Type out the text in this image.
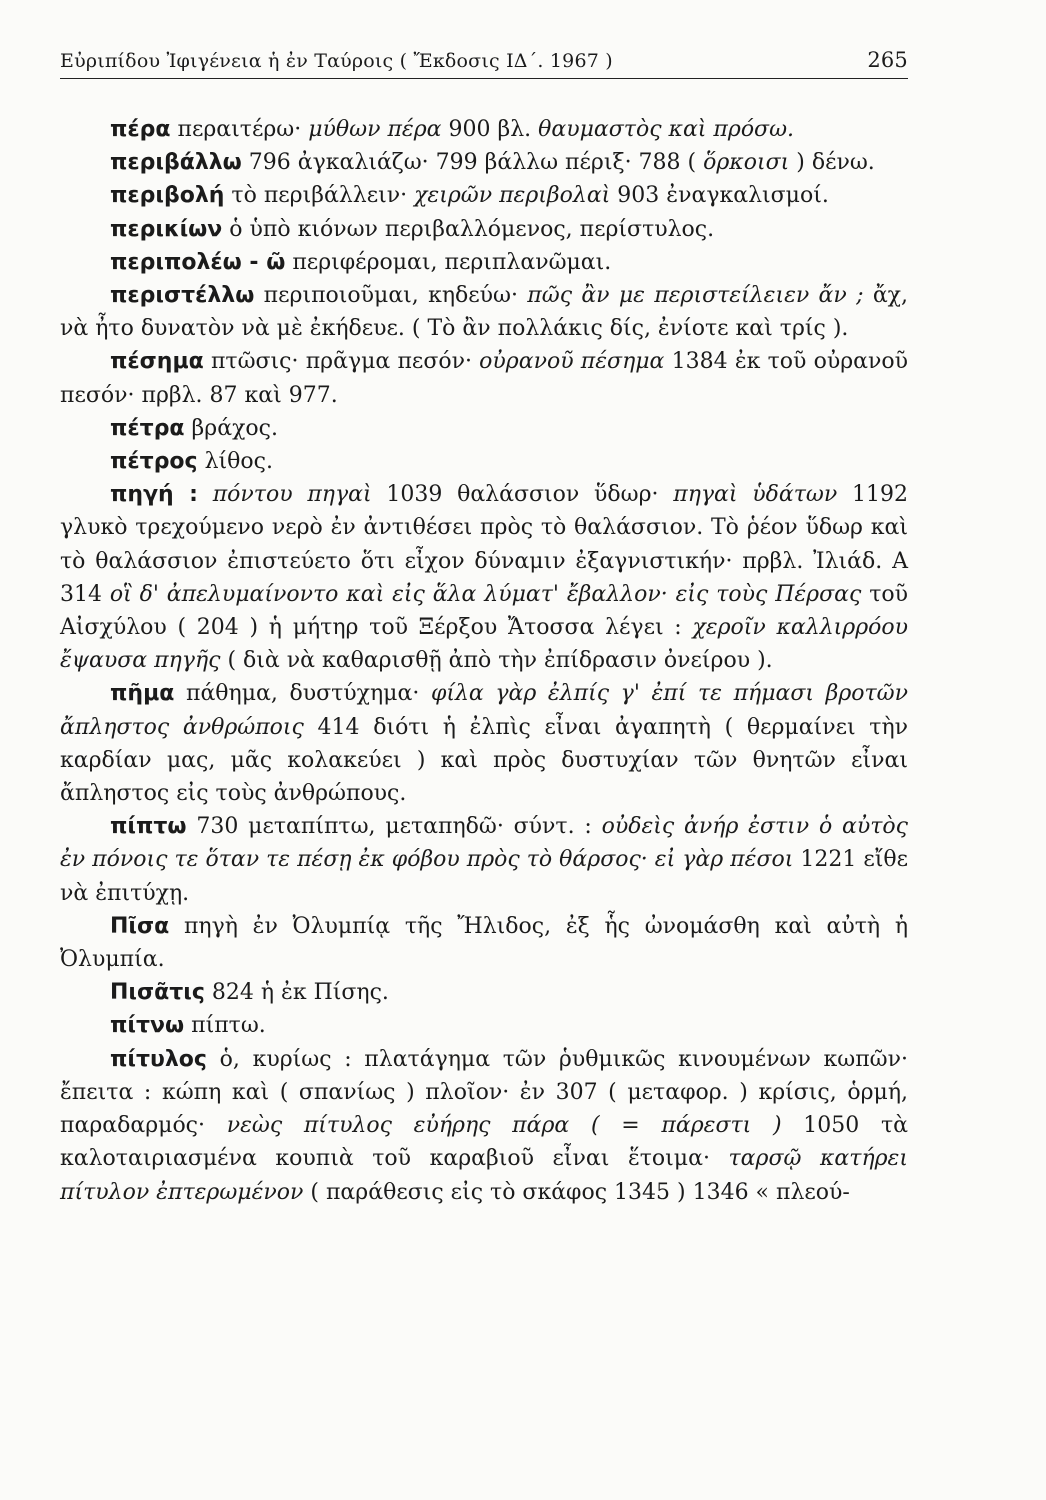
Εὐριπίδου Ἰφιγένεια ἡ ἐν Ταύροις ( Ἔκδοσις ΙΔ΄. 1967 )	265

πέρα περαιτέρω· μύθων πέρα 900 βλ. θαυμαστὸς καὶ πρόσω.

περιβάλλω 796 ἀγκαλιάζω· 799 βάλλω πέριξ· 788 ( ὅρκοισι ) δένω.

περιβολή τὸ περιβάλλειν· χειρῶν περιβολαὶ 903 ἐναγκαλισμοί.

περικίων ὁ ὑπὸ κιόνων περιβαλλόμενος, περίστυλος.

περιπολέω - ῶ περιφέρομαι, περιπλανῶμαι.

περιστέλλω περιποιοῦμαι, κηδεύω· πῶς ἂν με περιστείλειεν ἄν ; ἄχ, νὰ ἦτο δυνατὸν νὰ μὲ ἐκήδευε. ( Τὸ ἂν πολλάκις δίς, ἐνίοτε καὶ τρίς ).

πέσημα πτῶσις· πρᾶγμα πεσόν· οὐρανοῦ πέσημα 1384 ἐκ τοῦ οὐρανοῦ πεσόν· πρβλ. 87 καὶ 977.

πέτρα βράχος.

πέτρος λίθος.

πηγή : πόντου πηγαὶ 1039 θαλάσσιον ὕδωρ· πηγαὶ ὑδάτων 1192 γλυκὸ τρεχούμενο νερὸ ἐν ἀντιθέσει πρὸς τὸ θαλάσσιον. Τὸ ῥέον ὕδωρ καὶ τὸ θαλάσσιον ἐπιστεύετο ὅτι εἶχον δύναμιν ἐξαγνιστικήν· πρβλ. Ἰλιάδ. Α 314 οἳ δ' ἀπελυμαίνοντο καὶ εἰς ἅλα λύματ' ἔβαλλον· εἰς τοὺς Πέρσας τοῦ Αἰσχύλου ( 204 ) ἡ μήτηρ τοῦ Ξέρξου Ἄτοσσα λέγει : χεροῖν καλλιρρόου ἔψαυσα πηγῆς ( διὰ νὰ καθαρισθῇ ἀπὸ τὴν ἐπίδρασιν ὀνείρου ).

πῆμα πάθημα, δυστύχημα· φίλα γὰρ ἐλπίς γ' ἐπί τε πήμασι βροτῶν ἄπληστος ἀνθρώποις 414 διότι ἡ ἐλπὶς εἶναι ἀγαπητὴ ( θερμαίνει τὴν καρδίαν μας, μᾶς κολακεύει ) καὶ πρὸς δυστυχίαν τῶν θνητῶν εἶναι ἄπληστος εἰς τοὺς ἀνθρώπους.

πίπτω 730 μεταπίπτω, μεταπηδῶ· σύντ. : οὐδεὶς ἀνήρ ἐστιν ὁ αὐτὸς ἐν πόνοις τε ὅταν τε πέσῃ ἐκ φόβου πρὸς τὸ θάρσος· εἰ γὰρ πέσοι 1221 εἴθε νὰ ἐπιτύχῃ.

Πῖσα πηγὴ ἐν Ὀλυμπίᾳ τῆς Ἤλιδος, ἐξ ἧς ὠνομάσθη καὶ αὐτὴ ἡ Ὀλυμπία.

Πισᾶτις 824 ἡ ἐκ Πίσης.

πίτνω πίπτω.

πίτυλος ὁ, κυρίως : πλατάγημα τῶν ῥυθμικῶς κινουμένων κωπῶν· ἔπειτα : κώπη καὶ ( σπανίως ) πλοῖον· ἐν 307 ( μεταφορ. ) κρίσις, ὁρμή, παραδαρμός· νεὼς πίτυλος εὐήρης πάρα ( = πάρεστι ) 1050 τὰ καλοταιριασμένα κουπιὰ τοῦ καραβιοῦ εἶναι ἕτοιμα· ταρσῷ κατήρει πίτυλον ἐπτερωμένον ( παράθεσις εἰς τὸ σκάφος 1345 ) 1346 « πλεού-
